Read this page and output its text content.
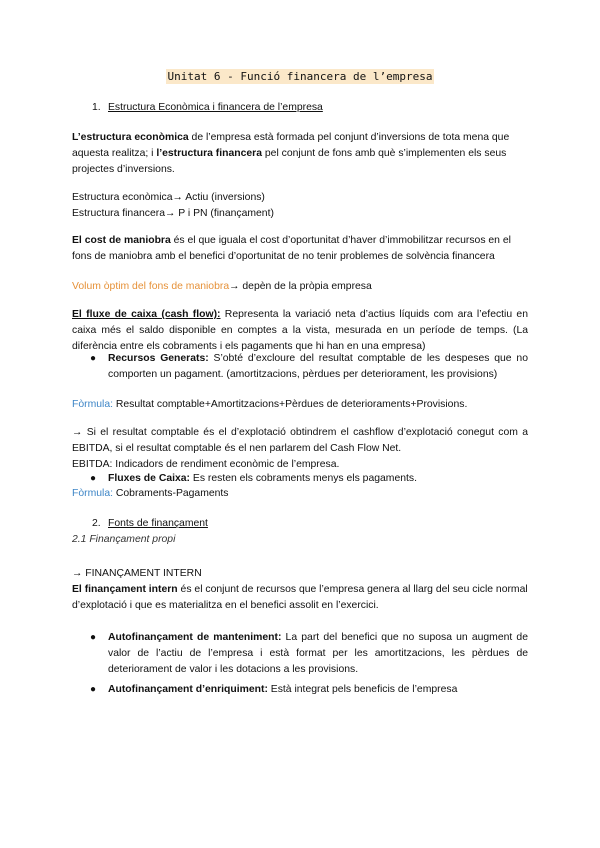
Unitat 6 - Funció financera de l’empresa
1. Estructura Econòmica i financera de l’empresa
L’estructura econòmica de l’empresa està formada pel conjunt d’inversions de tota mena que aquesta realitza; i l’estructura financera pel conjunt de fons amb què s’implementen els seus projectes d’inversions.
Estructura econòmica→ Actiu (inversions)
Estructura financera→ P i PN (finançament)
El cost de maniobra és el que iguala el cost d’oportunitat d’haver d’immobilitzar recursos en el fons de maniobra amb el benefici d’oportunitat de no tenir problemes de solvència financera
Volum òptim del fons de maniobra→ depèn de la pròpia empresa
El fluxe de caixa (cash flow): Representa la variació neta d’actius líquids com ara l’efectiu en caixa més el saldo disponible en comptes a la vista, mesurada en un període de temps. (La diferència entre els cobraments i els pagaments que hi han en una empresa)
● Recursos Generats: S’obté d’excloure del resultat comptable de les despeses que no comporten un pagament. (amortitzacions, pèrdues per deteriorament, les provisions)
Fòrmula: Resultat comptable+Amortitzacions+Pèrdues de deterioraments+Provisions.
→ Si el resultat comptable és el d’explotació obtindrem el cashflow d’explotació conegut com a EBITDA, si el resultat comptable és el nen parlarem del Cash Flow Net.
EBITDA: Indicadors de rendiment econòmic de l’empresa.
● Fluxes de Caixa: Es resten els cobraments menys els pagaments.
Fòrmula: Cobraments-Pagaments
2. Fonts de finançament
2.1 Finançament propi
→ FINANÇAMENT INTERN
El finançament intern és el conjunt de recursos que l’empresa genera al llarg del seu cicle normal d’explotació i que es materialitza en el benefici assolit en l’exercici.
● Autofinançament de manteniment: La part del benefici que no suposa un augment de valor de l’actiu de l’empresa i està format per les amortitzacions, les pèrdues de deteriorament de valor i les dotacions a les provisions.
● Autofinançament d’enriquiment: Està integrat pels beneficis de l’empresa
